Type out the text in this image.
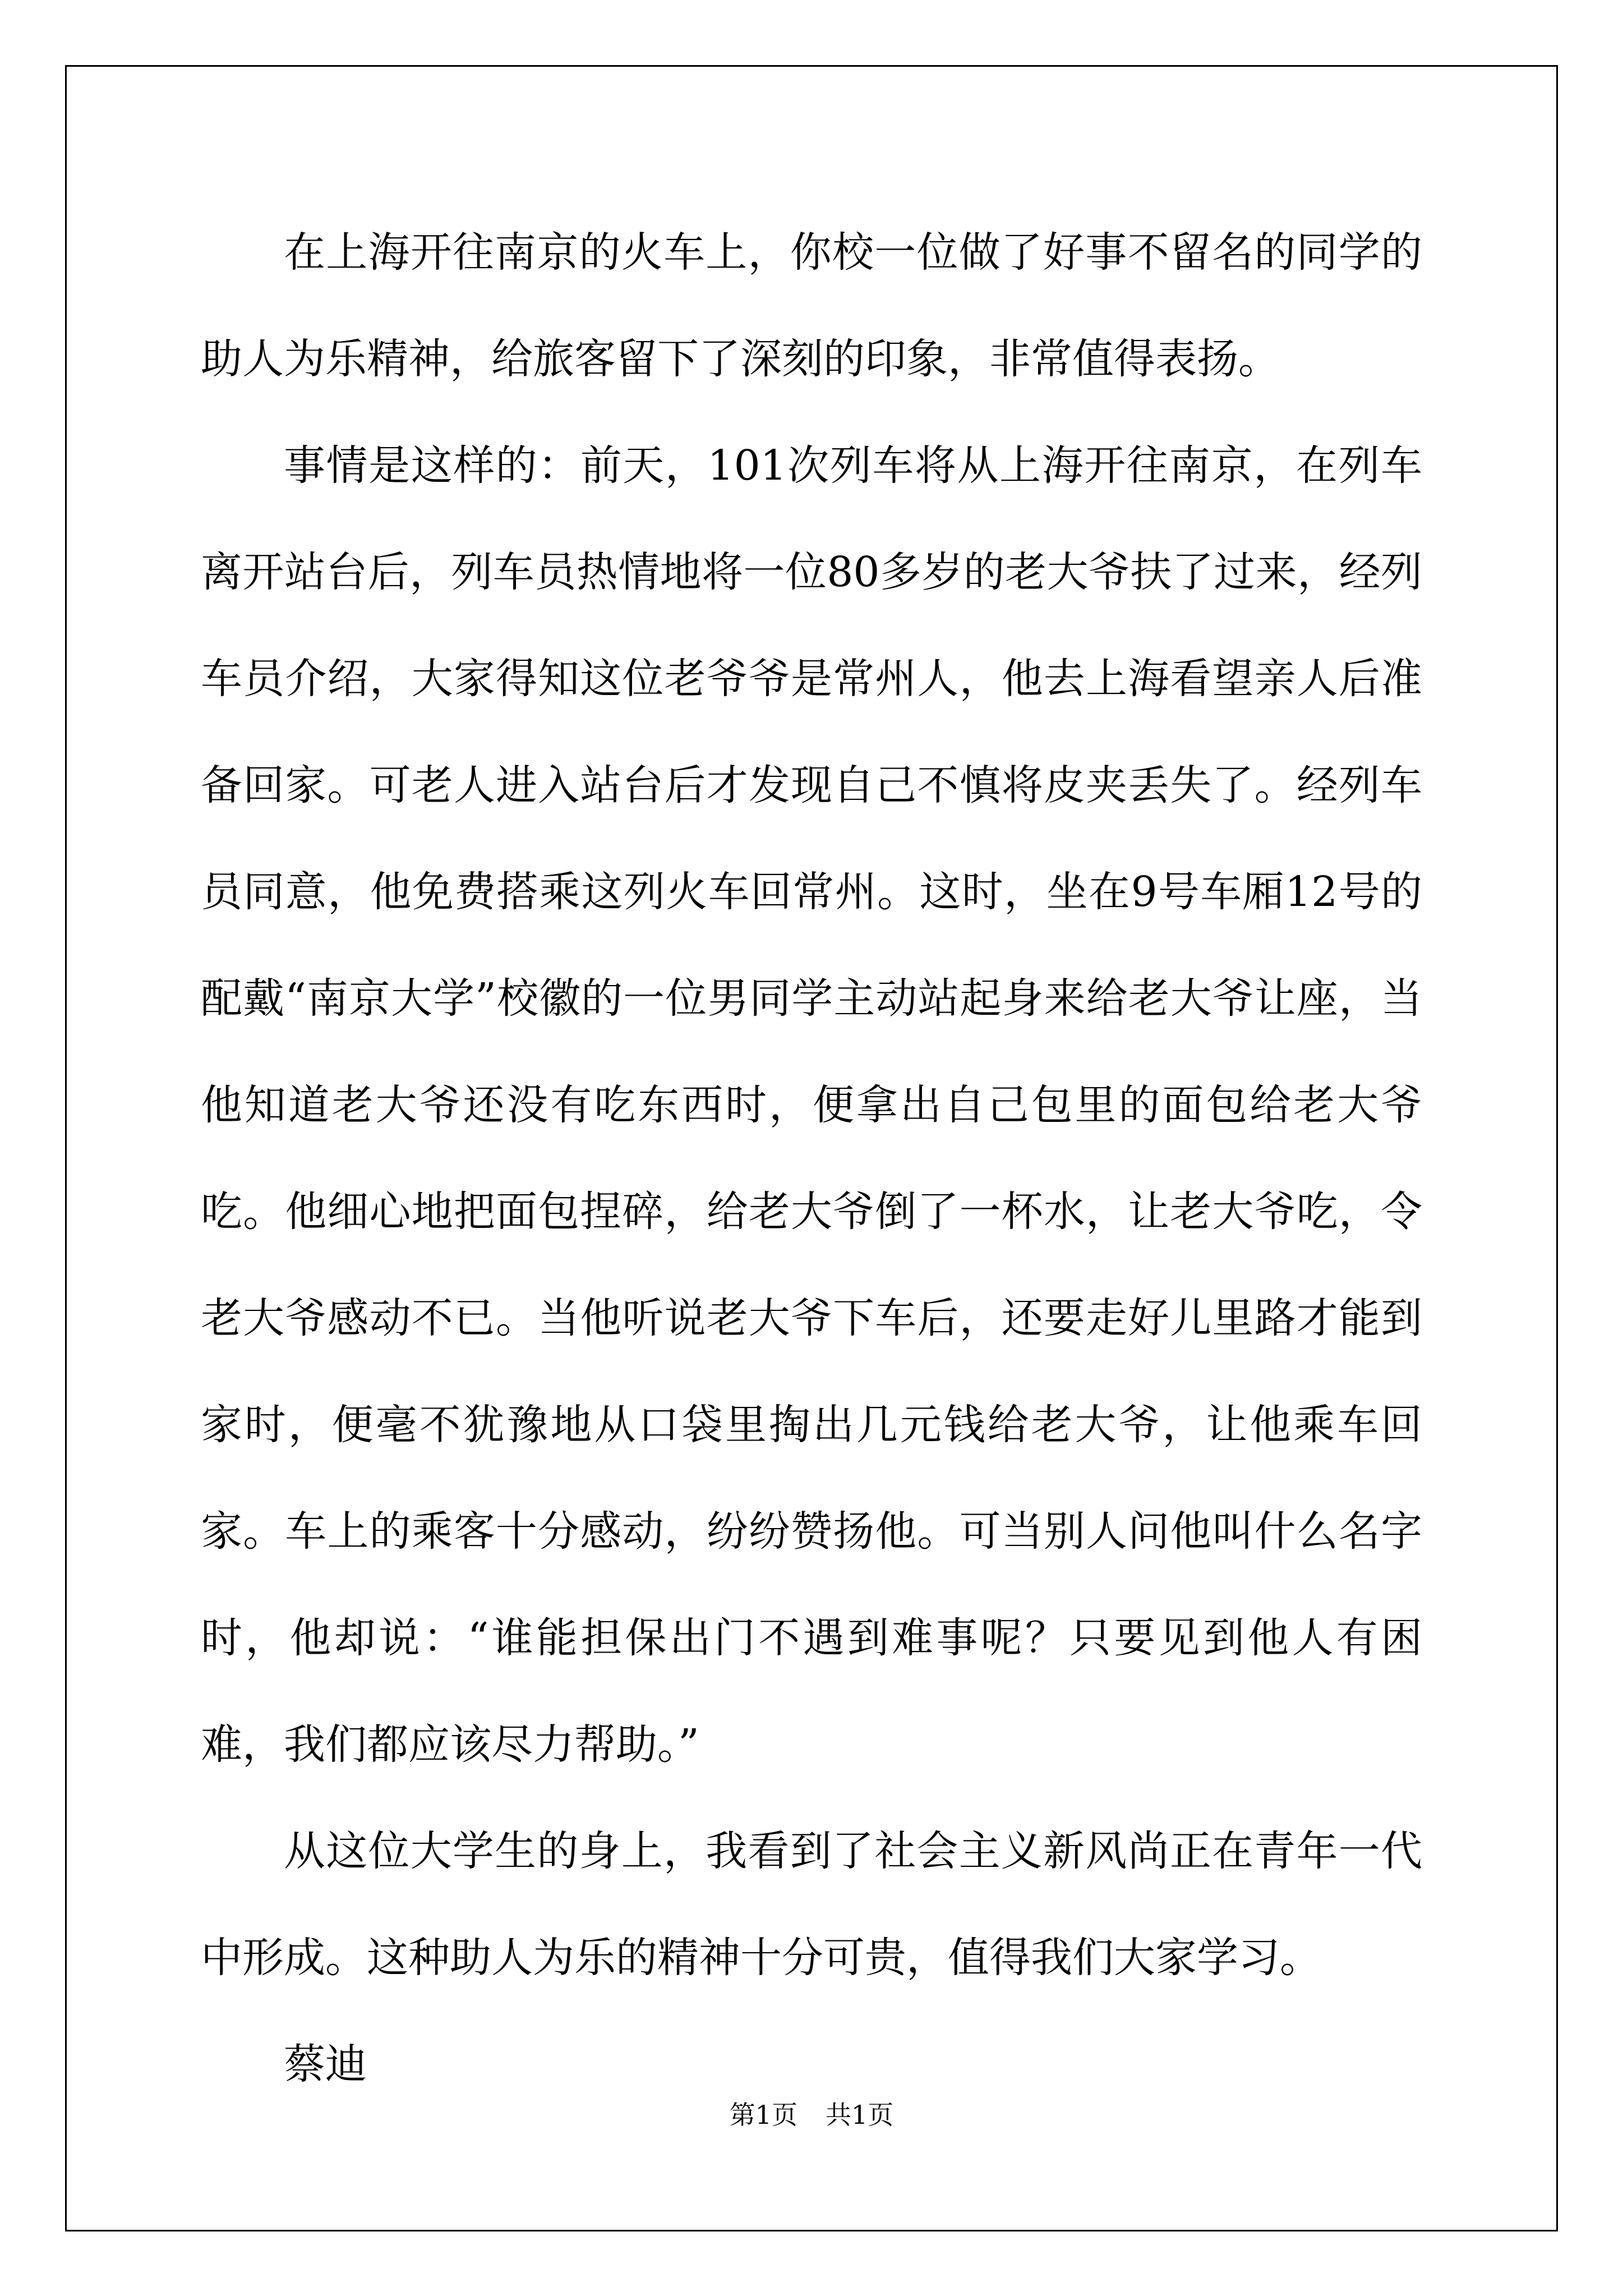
在上海开往南京的火车上，你校一位做了好事不留名的同学的助人为乐精神，给旅客留下了深刻的印象，非常值得表扬。

事情是这样的：前天，101次列车将从上海开往南京，在列车离开站台后，列车员热情地将一位80多岁的老大爷扶了过来，经列车员介绍，大家得知这位老爷爷是常州人，他去上海看望亲人后准备回家。可老人进入站台后才发现自己不慎将皮夹丢失了。经列车员同意，他免费搭乘这列火车回常州。这时，坐在9号车厢12号的配戴“南京大学”校徽的一位男同学主动站起身来给老大爷让座，当他知道老大爷还没有吃东西时，便拿出自己包里的面包给老大爷吃。他细心地把面包捏碎，给老大爷倒了一杯水，让老大爷吃，令老大爷感动不已。当他听说老大爷下车后，还要走好儿里路才能到家时，便毫不犹豫地从口袋里掏出几元钱给老大爷，让他乘车回家。车上的乘客十分感动，纷纷赞扬他。可当别人问他叫什么名字时，他却说：“谁能担保出门不遇到难事呢？只要见到他人有困难，我们都应该尽力帮助。”

从这位大学生的身上，我看到了社会主义新风尚正在青年一代中形成。这种助人为乐的精神十分可贵，值得我们大家学习。

蔡迪

第1页 共1页
